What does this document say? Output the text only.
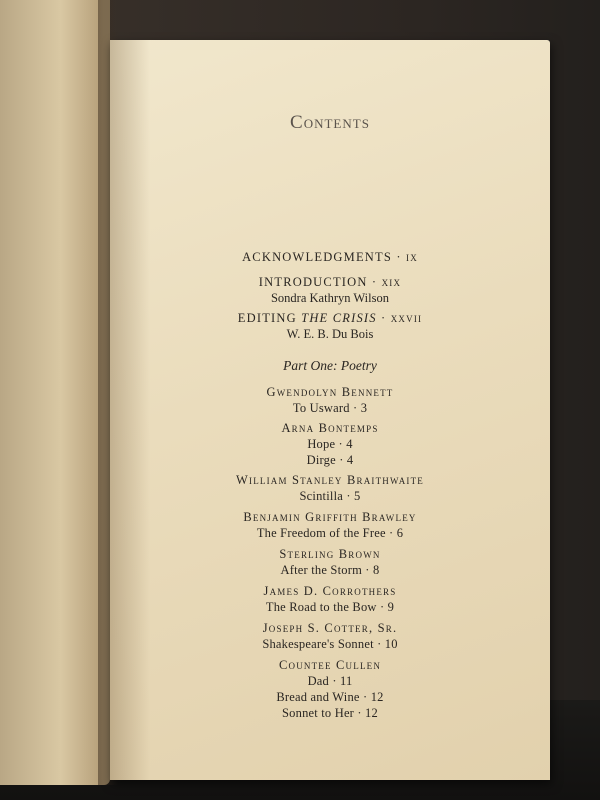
Contents
ACKNOWLEDGMENTS · ix
INTRODUCTION · xix
Sondra Kathryn Wilson
EDITING THE CRISIS · xxvii
W. E. B. Du Bois
Part One: Poetry
Gwendolyn Bennett
To Usward · 3
Arna Bontemps
Hope · 4
Dirge · 4
William Stanley Braithwaite
Scintilla · 5
Benjamin Griffith Brawley
The Freedom of the Free · 6
Sterling Brown
After the Storm · 8
James D. Corrothers
The Road to the Bow · 9
Joseph S. Cotter, Sr.
Shakespeare's Sonnet · 10
Countee Cullen
Dad · 11
Bread and Wine · 12
Sonnet to Her · 12
